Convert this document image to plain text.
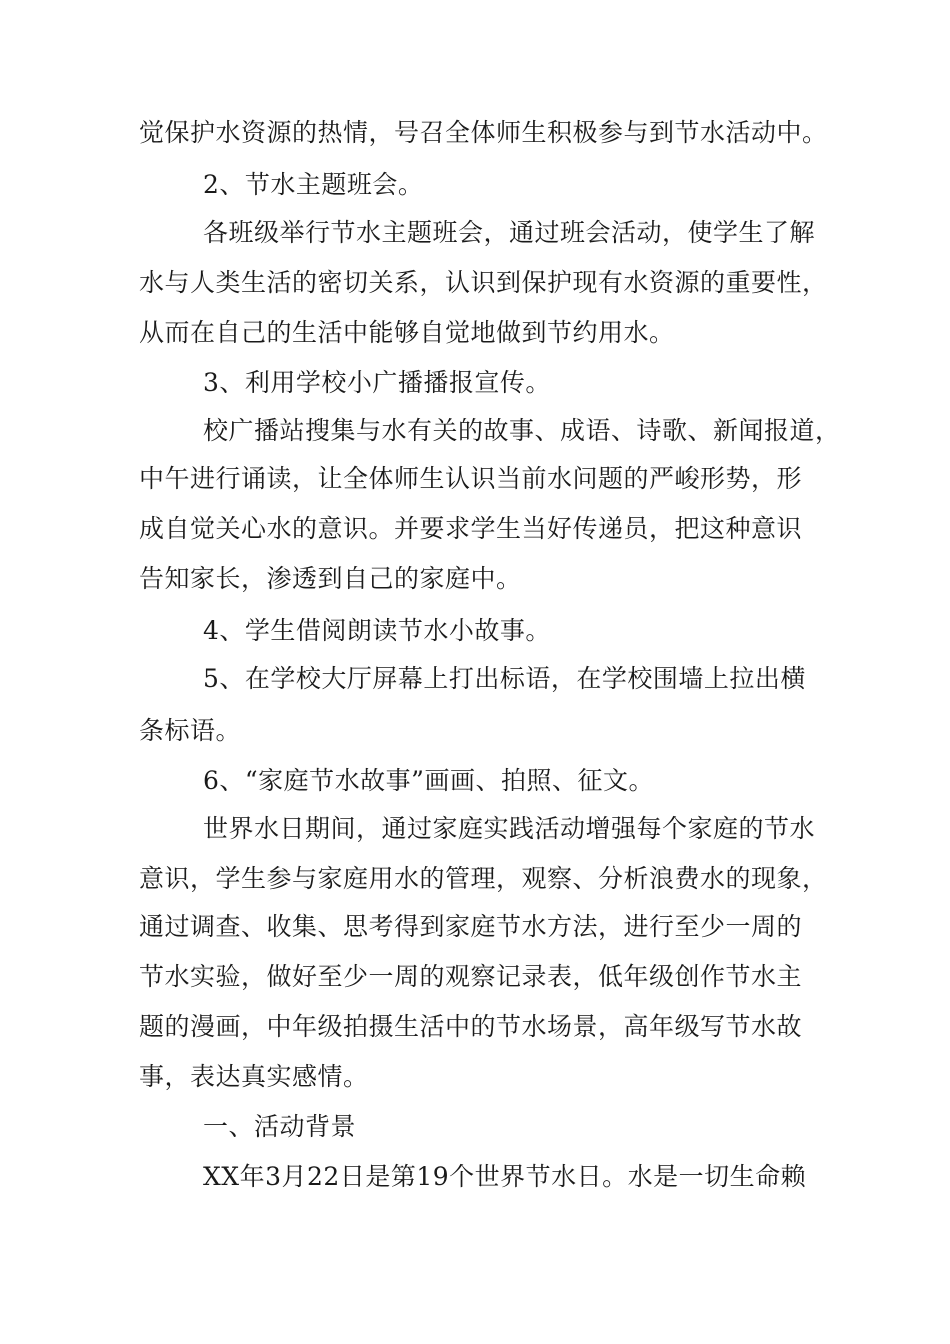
觉保护水资源的热情，号召全体师生积极参与到节水活动中。
2、节水主题班会。
各班级举行节水主题班会，通过班会活动，使学生了解
水与人类生活的密切关系，认识到保护现有水资源的重要性，
从而在自己的生活中能够自觉地做到节约用水。
3、利用学校小广播播报宣传。
校广播站搜集与水有关的故事、成语、诗歌、新闻报道，
中午进行诵读，让全体师生认识当前水问题的严峻形势，形
成自觉关心水的意识。并要求学生当好传递员，把这种意识
告知家长，渗透到自己的家庭中。
4、学生借阅朗读节水小故事。
5、在学校大厅屏幕上打出标语，在学校围墙上拉出横
条标语。
6、“家庭节水故事”画画、拍照、征文。
世界水日期间，通过家庭实践活动增强每个家庭的节水
意识，学生参与家庭用水的管理，观察、分析浪费水的现象，
通过调查、收集、思考得到家庭节水方法，进行至少一周的
节水实验，做好至少一周的观察记录表，低年级创作节水主
题的漫画，中年级拍摄生活中的节水场景，高年级写节水故
事，表达真实感情。
一、活动背景
XX年3月22日是第19个世界节水日。水是一切生命赖
